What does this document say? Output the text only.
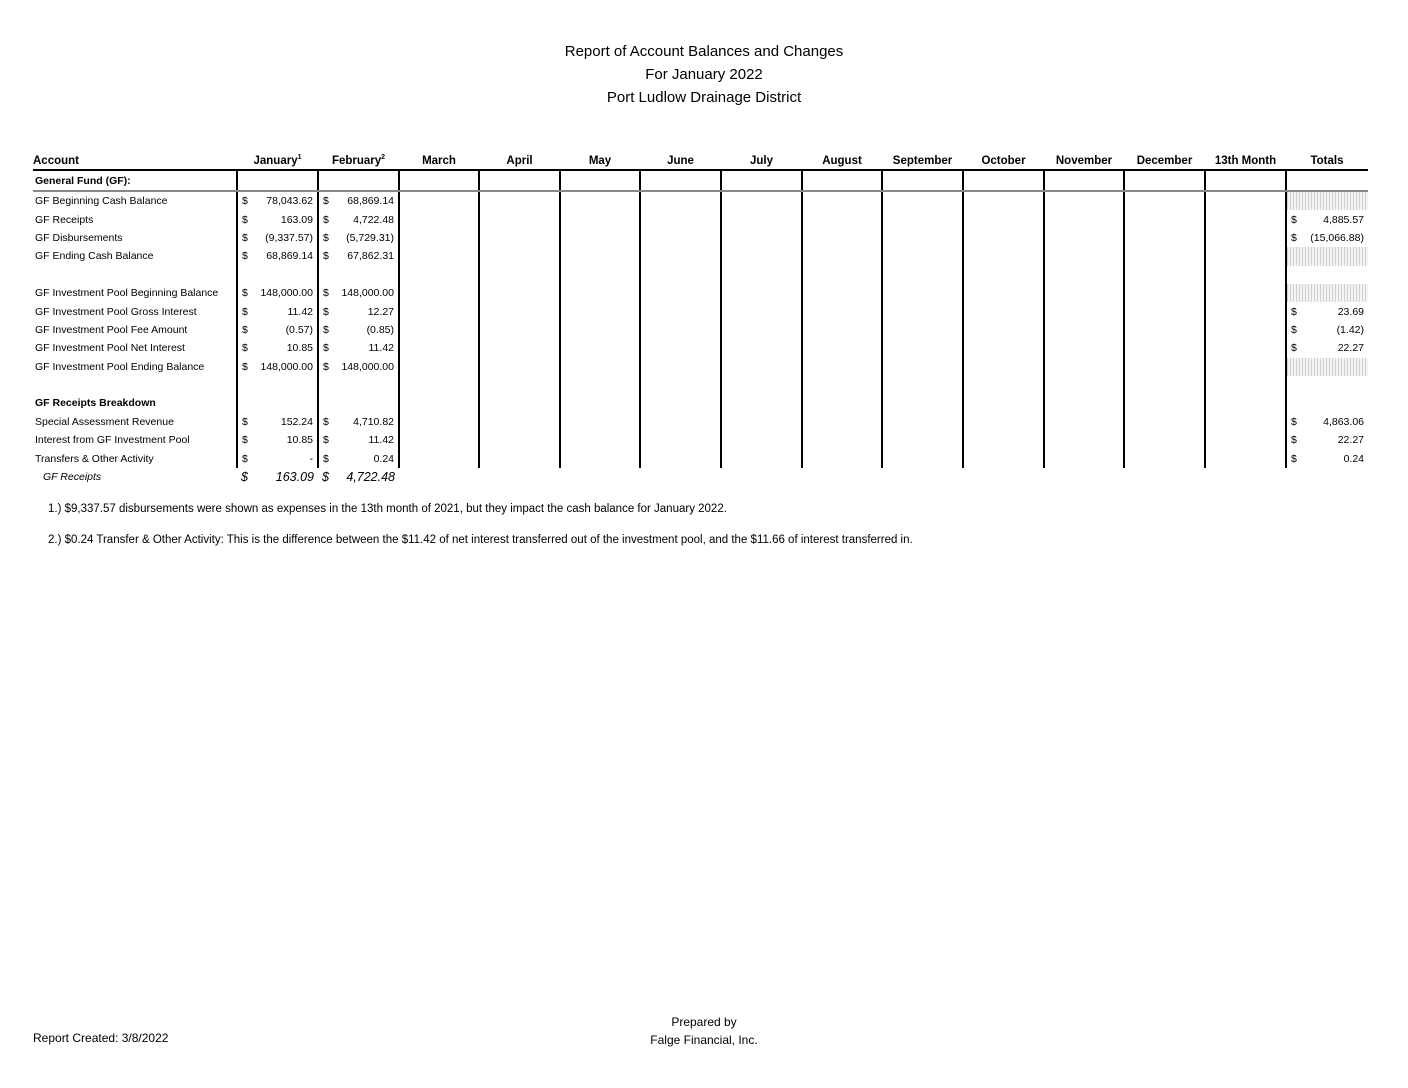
Report of Account Balances and Changes
For January 2022
Port Ludlow Drainage District
Account	January$^1$	February$^2$	March	April	May	June	July	August	September	October	November	December	13th Month	Totals
General Fund (GF):														
GF Beginning Cash Balance	$ 78,043.62	$ 68,869.14												

GF Receipts	$ 163.09	$ 4,722.48												$ 4,885.57

GF Disbursements	$ (9,337.57)	$ (5,729.31)												$ (15,066.88)

GF Ending Cash Balance	$ 68,869.14	$ 67,862.31												

GF Investment Pool Beginning Balance	$ 148,000.00	$ 148,000.00												

GF Investment Pool Gross Interest	$ 11.42	$ 12.27												$ 23.69

GF Investment Pool Fee Amount	$ (0.57)	$ (0.85)												$ (1.42)

GF Investment Pool Net Interest	$ 10.85	$ 11.42												$ 22.27

GF Investment Pool Ending Balance	$ 148,000.00	$ 148,000.00												

GF Receipts Breakdown														
Special Assessment Revenue	$ 152.24	$ 4,710.82												$ 4,863.06

Interest from GF Investment Pool	$ 10.85	$ 11.42												$ 22.27

Transfers & Other Activity	$ -	$ 0.24												$ 0.24

GF Receipts	$ 163.09	$ 4,722.48												

1.) $9,337.57 disbursements were shown as expenses in the 13th month of 2021, but they impact the cash balance for January 2022.
2.) $0.24 Transfer & Other Activity: This is the difference between the $11.42 of net interest transferred out of the investment pool, and the $11.66 of interest transferred in.
Report Created: 3/8/2022
Prepared by
Falge Financial, Inc.
